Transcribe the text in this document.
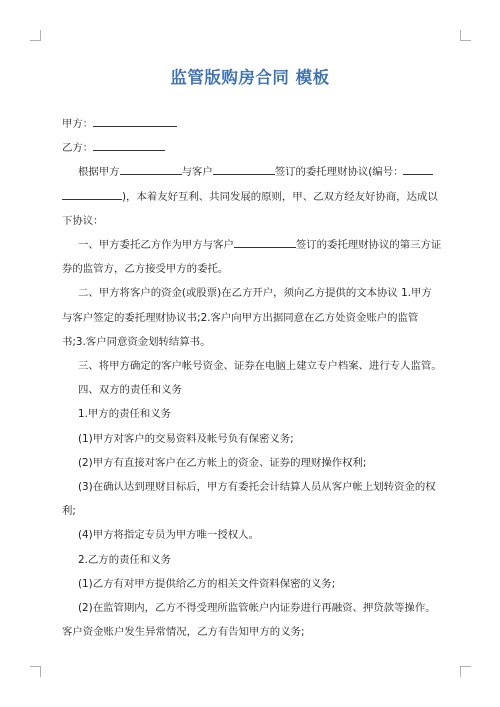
监管版购房合同 模板

甲方：

乙方：

根据甲方	与客户	签订的委托理财协议(编号：)，本着友好互利、共同发展的原则，甲、乙双方经友好协商，达成以下协议：

一、甲方委托乙方作为甲方与客户	签订的委托理财协议的第三方证券的监管方，乙方接受甲方的委托。

二、甲方将客户的资金(或股票)在乙方开户，须向乙方提供的文本协议 1.甲方与客户签定的委托理财协议书;2.客户向甲方出据同意在乙方处资金账户的监管书;3.客户同意资金划转结算书。

三、将甲方确定的客户帐号资金、证券在电脑上建立专户档案、进行专人监管。

四、双方的责任和义务

1.甲方的责任和义务

(1)甲方对客户的交易资料及帐号负有保密义务;

(2)甲方有直接对客户在乙方帐上的资金、证券的理财操作权利;

(3)在确认达到理财目标后，甲方有委托会计结算人员从客户帐上划转资金的权利;

(4)甲方将指定专员为甲方唯一授权人。

2.乙方的责任和义务

(1)乙方有对甲方提供给乙方的相关文件资料保密的义务;

(2)在监管期内，乙方不得受理所监管帐户内证券进行再融资、押贷款等操作。客户资金账户发生异常情况，乙方有告知甲方的义务;
